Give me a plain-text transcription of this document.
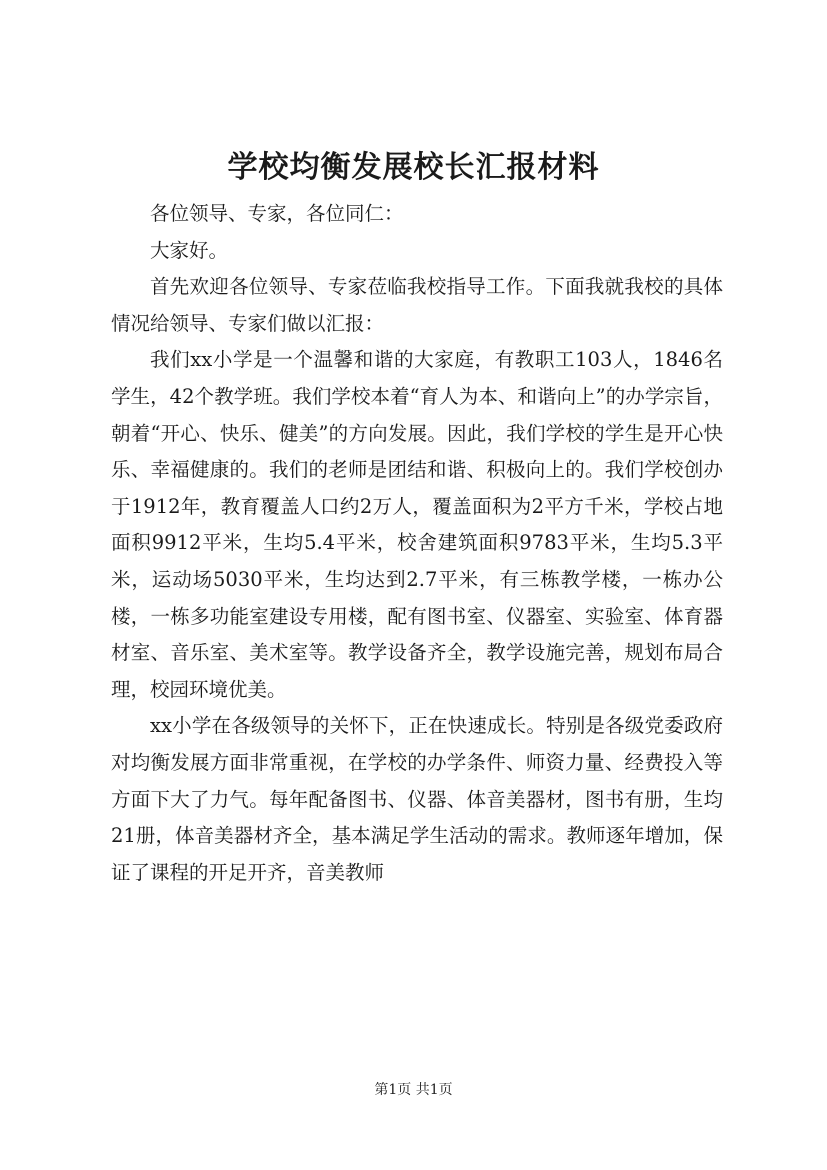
学校均衡发展校长汇报材料

各位领导、专家，各位同仁：

大家好。

首先欢迎各位领导、专家莅临我校指导工作。下面我就我校的具体情况给领导、专家们做以汇报：

我们xx小学是一个温馨和谐的大家庭，有教职工103人，1846名学生，42个教学班。我们学校本着“育人为本、和谐向上”的办学宗旨，朝着“开心、快乐、健美”的方向发展。因此，我们学校的学生是开心快乐、幸福健康的。我们的老师是团结和谐、积极向上的。我们学校创办于1912年，教育覆盖人口约2万人，覆盖面积为2平方千米，学校占地面积9912平米，生均5.4平米，校舍建筑面积9783平米，生均5.3平米，运动场5030平米，生均达到2.7平米，有三栋教学楼，一栋办公楼，一栋多功能室建设专用楼，配有图书室、仪器室、实验室、体育器材室、音乐室、美术室等。教学设备齐全，教学设施完善，规划布局合理，校园环境优美。

xx小学在各级领导的关怀下，正在快速成长。特别是各级党委政府对均衡发展方面非常重视，在学校的办学条件、师资力量、经费投入等方面下大了力气。每年配备图书、仪器、体音美器材，图书有册，生均21册，体音美器材齐全，基本满足学生活动的需求。教师逐年增加，保证了课程的开足开齐，音美教师

第1页 共1页
